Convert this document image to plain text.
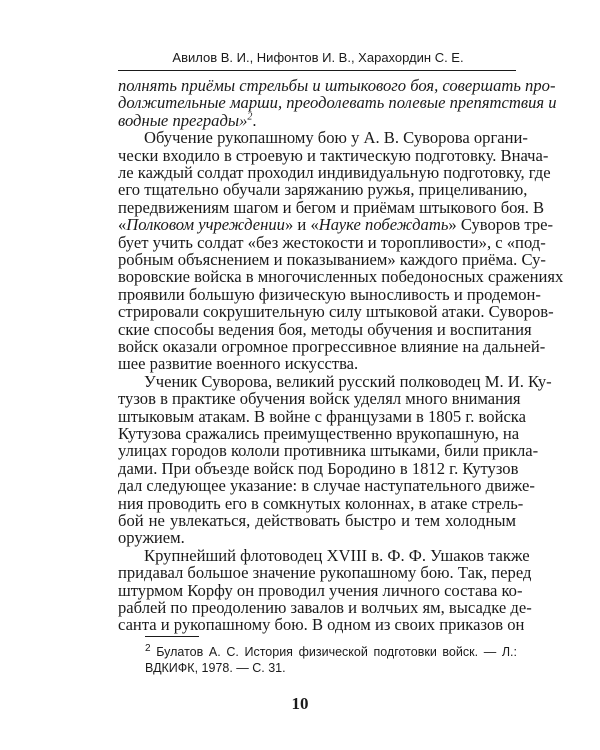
Авилов В. И., Нифонтов И. В., Харахордин С. Е.
полнять приёмы стрельбы и штыкового боя, совершать про-
должительные марши, преодолевать полевые препятствия и
водные преграды»$^2$.
Обучение рукопашному бою у А. В. Суворова органи-
чески входило в строевую и тактическую подготовку. Внача-
ле каждый солдат проходил индивидуальную подготовку, где
его тщательно обучали заряжанию ружья, прицеливанию,
передвижениям шагом и бегом и приёмам штыкового боя. В
«Полковом учреждении» и «Науке побеждать» Суворов тре-
бует учить солдат «без жестокости и торопливости», с «под-
робным объяснением и показыванием» каждого приёма. Су-
воровские войска в многочисленных победоносных сражениях
проявили большую физическую выносливость и продемон-
стрировали сокрушительную силу штыковой атаки. Суворов-
ские способы ведения боя, методы обучения и воспитания
войск оказали огромное прогрессивное влияние на дальней-
шее развитие военного искусства.
Ученик Суворова, великий русский полководец М. И. Ку-
тузов в практике обучения войск уделял много внимания
штыковым атакам. В войне с французами в 1805 г. войска
Кутузова сражались преимущественно врукопашную, на
улицах городов кололи противника штыками, били прикла-
дами. При объезде войск под Бородино в 1812 г. Кутузов
дал следующее указание: в случае наступательного движе-
ния проводить его в сомкнутых колоннах, в атаке стрель-
бой не увлекаться, действовать быстро и тем холодным
оружием.
$^2$ Булатов А. С. История физической подготовки войск. — Л.:
ВДКИФК, 1978. — С. 31.
10
Крупнейший флотоводец XVIII в. Ф. Ф. Ушаков также
придавал большое значение рукопашному бою. Так, перед
штурмом Корфу он проводил учения личного состава ко-
раблей по преодолению завалов и волчьих ям, высадке де-
санта и рукопашному бою. В одном из своих приказов он
